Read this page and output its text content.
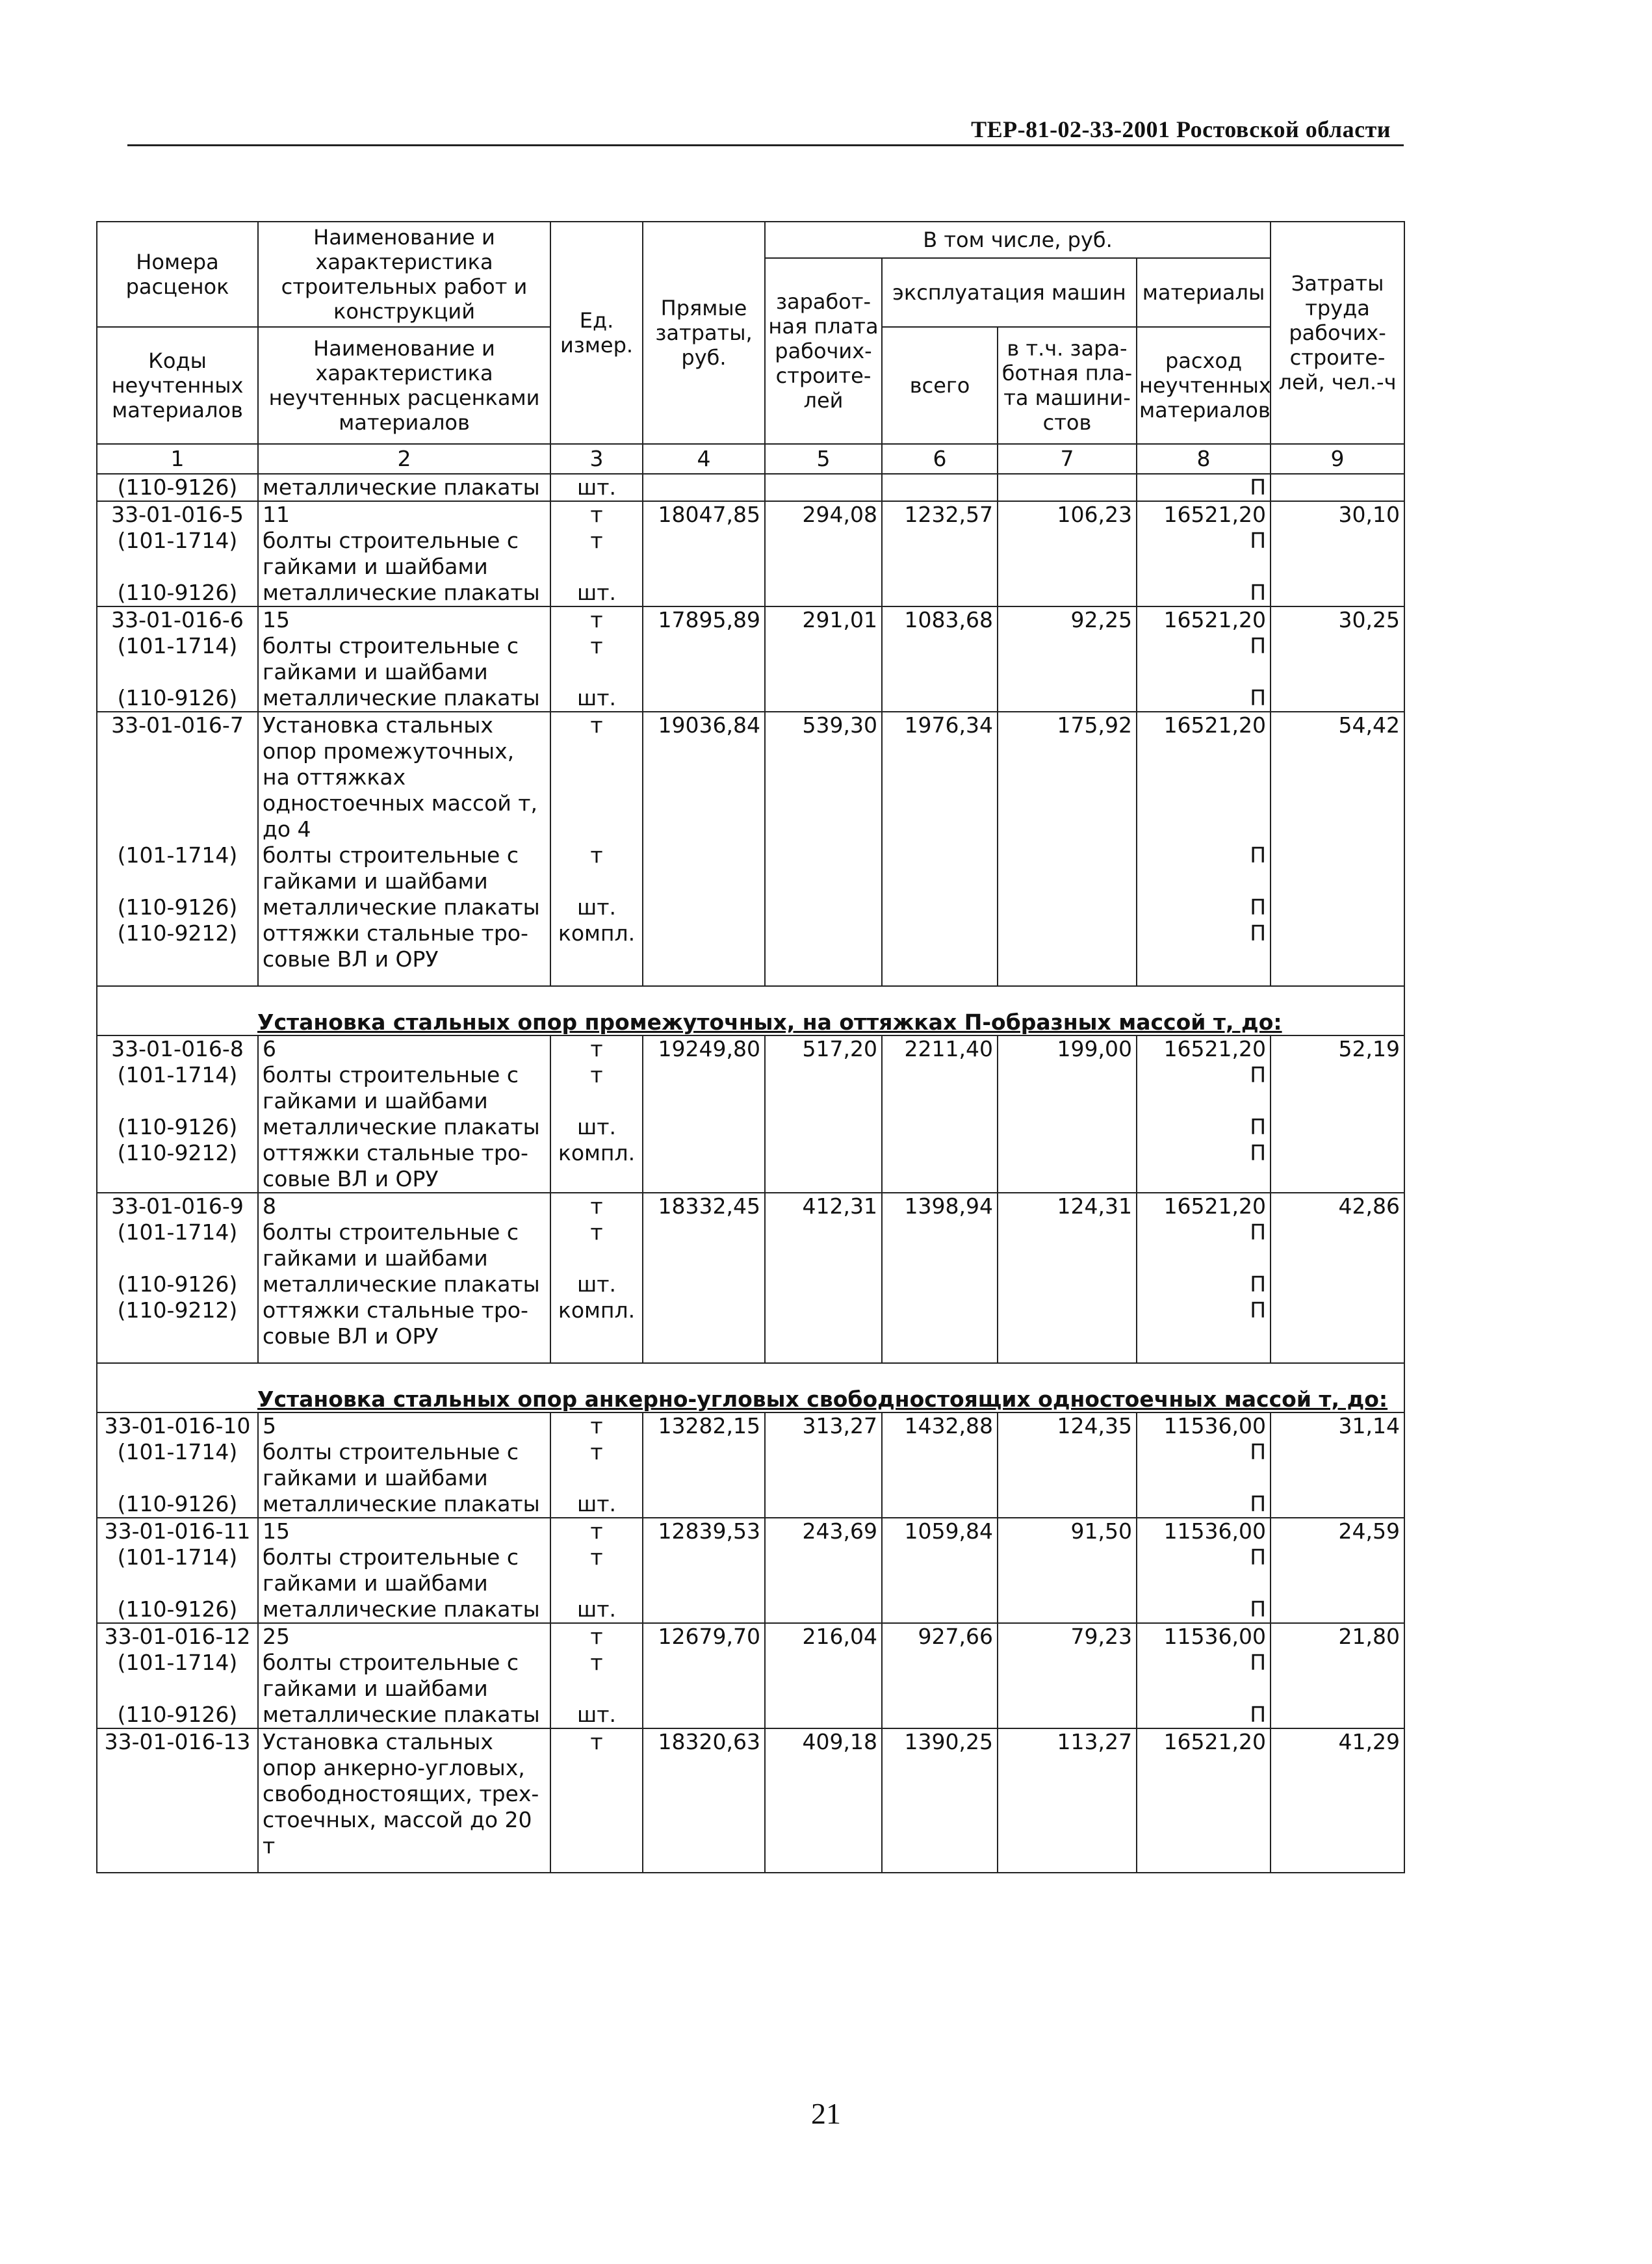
ТЕР-81-02-33-2001 Ростовской области
Номера расценок	Наименование и характеристика строительных работ и конструкций	Ед. измер.	Прямые затраты, руб.	В том числе, руб.				Затраты труда рабочих-строите-лей, чел.-ч
				заработ-ная плата рабочих-строите-лей	эксплуатация машин		материалы	
Коды неучтенных материалов	Наименование и характеристика неучтенных расценками материалов				всего	в т.ч. зара-ботная пла-та машини-стов	расход неучтенных материалов	
1	2	3	4	5	6	7	8	9
(110-9126)	металлические плакаты	шт.					П	
33-01-016-5	11	т	18047,85	294,08	1232,57	106,23	16521,20	30,10
(101-1714)	болты строительные с гайками и шайбами	т					П	
(110-9126)	металлические плакаты	шт.					П	
33-01-016-6	15	т	17895,89	291,01	1083,68	92,25	16521,20	30,25
(101-1714)	болты строительные с гайками и шайбами	т					П	
(110-9126)	металлические плакаты	шт.					П	
33-01-016-7	Установка стальных опор промежуточных, на оттяжках одностоечных массой т, до 4	т	19036,84	539,30	1976,34	175,92	16521,20	54,42
(101-1714)	болты строительные с гайками и шайбами	т					П	
(110-9126)	металлические плакаты	шт.					П	
(110-9212)	оттяжки стальные тро-совые ВЛ и ОРУ	компл.					П	

Установка стальных опор промежуточных, на оттяжках П-образных массой т, до:								

33-01-016-8	6	т	19249,80	517,20	2211,40	199,00	16521,20	52,19
(101-1714)	болты строительные с гайками и шайбами	т					П	
(110-9126)	металлические плакаты	шт.					П	
(110-9212)	оттяжки стальные тро-совые ВЛ и ОРУ	компл.					П	
33-01-016-9	8	т	18332,45	412,31	1398,94	124,31	16521,20	42,86
(101-1714)	болты строительные с гайками и шайбами	т					П	
(110-9126)	металлические плакаты	шт.					П	
(110-9212)	оттяжки стальные тро-совые ВЛ и ОРУ	компл.					П	

Установка стальных опор анкерно-угловых свободностоящих одностоечных массой т, до:								

33-01-016-10	5	т	13282,15	313,27	1432,88	124,35	11536,00	31,14
(101-1714)	болты строительные с гайками и шайбами	т					П	
(110-9126)	металлические плакаты	шт.					П	
33-01-016-11	15	т	12839,53	243,69	1059,84	91,50	11536,00	24,59
(101-1714)	болты строительные с гайками и шайбами	т					П	
(110-9126)	металлические плакаты	шт.					П	
33-01-016-12	25	т	12679,70	216,04	927,66	79,23	11536,00	21,80
(101-1714)	болты строительные с гайками и шайбами	т					П	
(110-9126)	металлические плакаты	шт.					П	
33-01-016-13	Установка стальных опор анкерно-угловых, свободностоящих, трех-стоечных, массой до 20 т	т	18320,63	409,18	1390,25	113,27	16521,20	41,29

21
